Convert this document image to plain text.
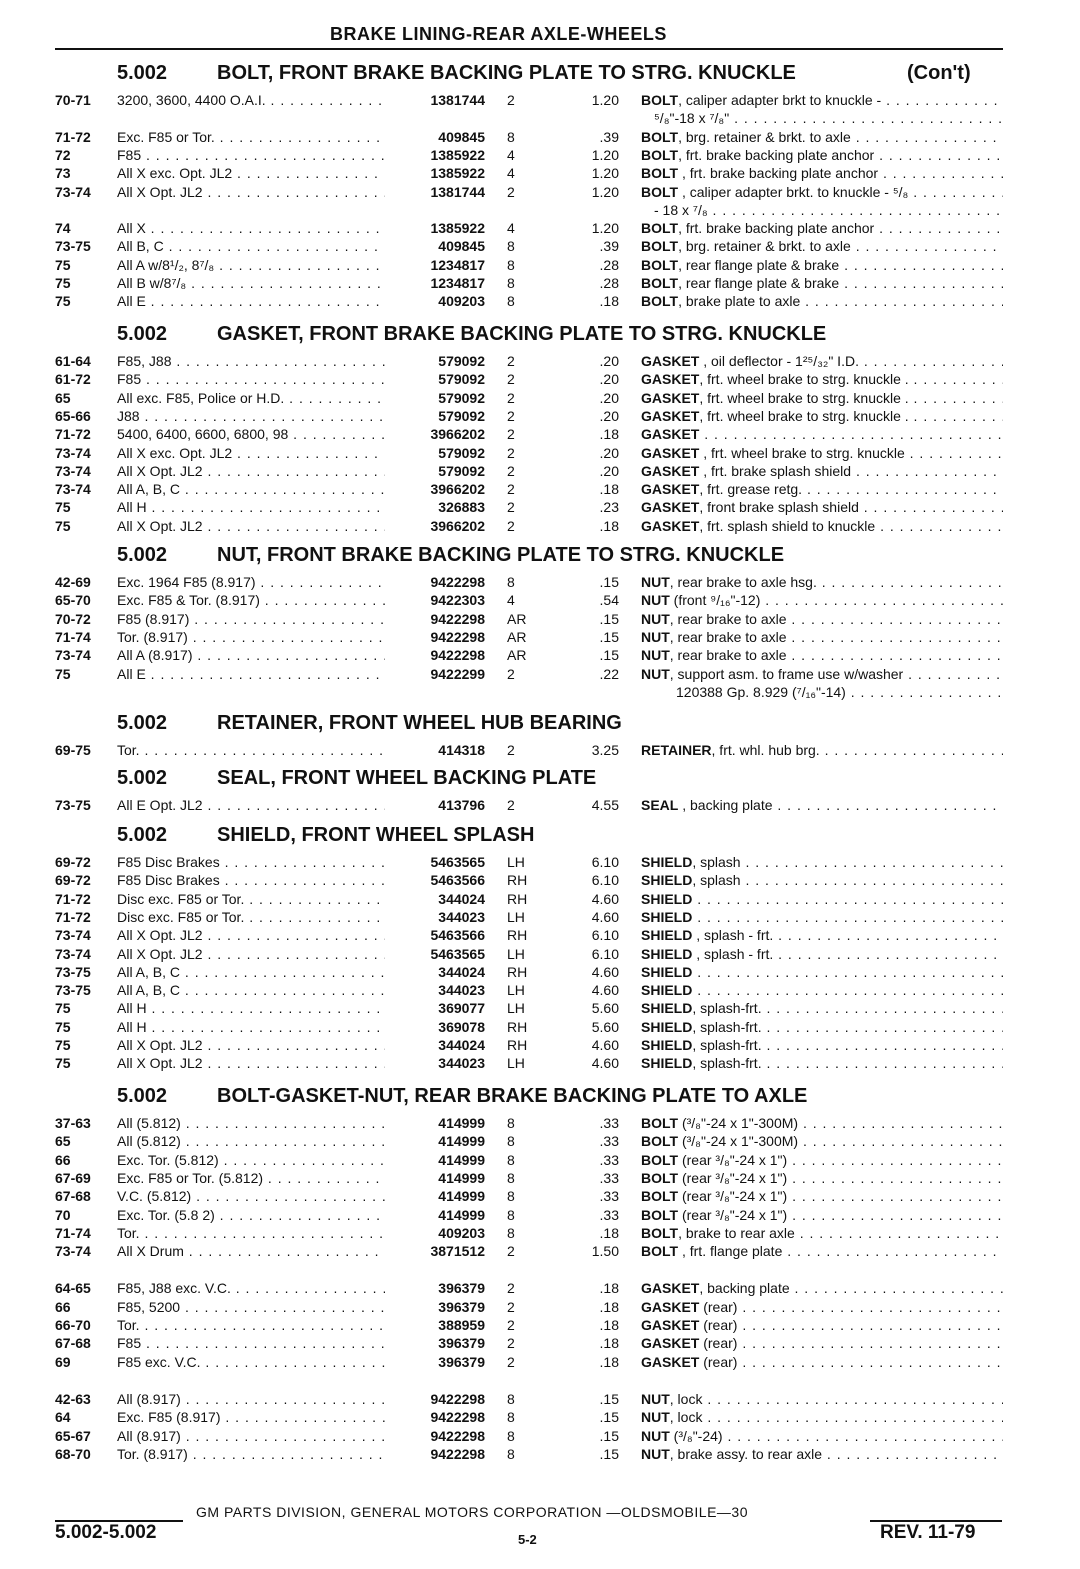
BRAKE LINING-REAR AXLE-WHEELS
5.002 BOLT, FRONT BRAKE BACKING PLATE TO STRG. KNUCKLE	(Con't)
70-71 3200, 3600, 4400 O.A.I. . . .	1381744 2	1.20 BOLT, caliper adapter brkt to knuckle - . . .
⁵/₈"-18 x ⁷/₈" . . .
71-72 Exc. F85 or Tor. . . .	409845 8	.39 BOLT, brg. retainer & brkt. to axle . . .
72	F85 . . .	1385922 4	1.20 BOLT, frt. brake backing plate anchor . . .
73	All X exc. Opt. JL2 . . .	1385922 4	1.20 BOLT , frt. brake backing plate anchor . . .
73-74 All X Opt. JL2 . . .	1381744 2	1.20 BOLT , caliper adapter brkt. to knuckle - ⁵/₈ . . .
- 18 x ⁷/₈ . . .
74	All X . . .	1385922 4	1.20 BOLT, frt. brake backing plate anchor . . .
73-75 All B, C . . .	409845 8	.39 BOLT, brg. retainer & brkt. to axle . . .
75	All A w/8¹/₂, 8⁷/₈ . . .	1234817 8	.28 BOLT, rear flange plate & brake . . .
75	All B w/8⁷/₈ . . .	1234817 8	.28 BOLT, rear flange plate & brake . . .
75	All E . . .	409203 8	.18 BOLT, brake plate to axle . . .
5.002 GASKET, FRONT BRAKE BACKING PLATE TO STRG. KNUCKLE
61-64 F85, J88 . . .	579092 2	.20 GASKET , oil deflector - 1²⁵/₃₂" I.D. . . .
61-72 F85 . . .	579092 2	.20 GASKET, frt. wheel brake to strg. knuckle . . . .
65	All exc. F85, Police or H.D. . . .	579092 2	.20 GASKET, frt. wheel brake to strg. knuckle . . . .
65-66 J88 . . .	579092 2	.20 GASKET, frt. wheel brake to strg. knuckle . . . .
71-72 5400, 6400, 6600, 6800, 98 . . .	3966202 2	.18 GASKET . . .
73-74 All X exc. Opt. JL2 . . .	579092 2	.20 GASKET , frt. wheel brake to strg. knuckle . . .
73-74 All X Opt. JL2 . . .	579092 2	.20 GASKET , frt. brake splash shield . . .
73-74 All A, B, C . . .	3966202 2	.18 GASKET, frt. grease retg. . . .
75	All H . . .	326883 2	.23 GASKET, front brake splash shield . . .
75	All X Opt. JL2 . . .	3966202 2	.18 GASKET, frt. splash shield to knuckle . . .
5.002 NUT, FRONT BRAKE BACKING PLATE TO STRG. KNUCKLE
42-69 Exc. 1964 F85 (8.917) . . .	9422298 8	.15 NUT, rear brake to axle hsg. . . .
65-70 Exc. F85 & Tor. (8.917) . . .	9422303 4	.54 NUT (front ⁹/₁₆"-12) . . .
70-72 F85 (8.917) . . .	9422298 AR	.15 NUT, rear brake to axle . . .
71-74 Tor. (8.917) . . .	9422298 AR	.15 NUT, rear brake to axle . . .
73-74 All A (8.917) . . .	9422298 AR	.15 NUT, rear brake to axle . . .
75	All E . . .	9422299 2	.22 NUT, support asm. to frame use w/washer . . .
120388 Gp. 8.929 (⁷/₁₆"-14) . . .
5.002 RETAINER, FRONT WHEEL HUB BEARING
69-75 Tor. . . .	414318 2	3.25 RETAINER, frt. whl. hub brg. . . .
5.002 SEAL, FRONT WHEEL BACKING PLATE
73-75 All E Opt. JL2 . . .	413796 2	4.55 SEAL , backing plate . . .
5.002 SHIELD, FRONT WHEEL SPLASH
69-72 F85 Disc Brakes . . .	5463565 LH	6.10 SHIELD, splash . . .
69-72 F85 Disc Brakes . . .	5463566 RH	6.10 SHIELD, splash . . .
71-72 Disc exc. F85 or Tor. . . .	344024 RH	4.60 SHIELD . . .
71-72 Disc exc. F85 or Tor. . . .	344023 LH	4.60 SHIELD . . .
73-74 All X Opt. JL2 . . .	5463566 RH	6.10 SHIELD , splash - frt. . . .
73-74 All X Opt. JL2 . . .	5463565 LH	6.10 SHIELD , splash - frt. . . .
73-75 All A, B, C . . .	344024 RH	4.60 SHIELD . . .
73-75 All A, B, C . . .	344023 LH	4.60 SHIELD . . .
75	All H . . .	369077 LH	5.60 SHIELD, splash-frt. . . .
75	All H . . .	369078 RH	5.60 SHIELD, splash-frt. . . .
75	All X Opt. JL2 . . .	344024 RH	4.60 SHIELD, splash-frt. . . .
75	All X Opt. JL2 . . .	344023 LH	4.60 SHIELD, splash-frt. . . .
5.002 BOLT-GASKET-NUT, REAR BRAKE BACKING PLATE TO AXLE
37-63 All (5.812) . . .	414999 8	.33 BOLT (³/₈"-24 x 1"-300M) . . .
65	All (5.812) . . .	414999 8	.33 BOLT (³/₈"-24 x 1"-300M) . . .
66	Exc. Tor. (5.812) . . .	414999 8	.33 BOLT (rear ³/₈"-24 x 1") . . .
67-69 Exc. F85 or Tor. (5.812) . . .	414999 8	.33 BOLT (rear ³/₈"-24 x 1") . . .
67-68 V.C. (5.812) . . .	414999 8	.33 BOLT (rear ³/₈"-24 x 1") . . .
70	Exc. Tor. (5.8 2) . . .	414999 8	.33 BOLT (rear ³/₈"-24 x 1") . . .
71-74 Tor. . . .	409203 8	.18 BOLT, brake to rear axle . . .
73-74 All X Drum . . .	3871512 2	1.50 BOLT , frt. flange plate . . .
64-65 F85, J88 exc. V.C. . . .	396379 2	.18 GASKET, backing plate . . .
66	F85, 5200 . . .	396379 2	.18 GASKET (rear) . . .
66-70 Tor. . . .	388959 2	.18 GASKET (rear) . . .
67-68 F85 . . .	396379 2	.18 GASKET (rear) . . .
69	F85 exc. V.C. . . .	396379 2	.18 GASKET (rear) . . .
42-63 All (8.917) . . .	9422298 8	.15 NUT, lock . . .
64	Exc. F85 (8.917) . . .	9422298 8	.15 NUT, lock . . .
65-67 All (8.917) . . .	9422298 8	.15 NUT (³/₈"-24) . . .
68-70 Tor. (8.917) . . .	9422298 8	.15 NUT, brake assy. to rear axle . . .
GM PARTS DIVISION, GENERAL MOTORS CORPORATION —OLDSMOBILE—30
5.002-5.002	5-2	REV. 11-79
